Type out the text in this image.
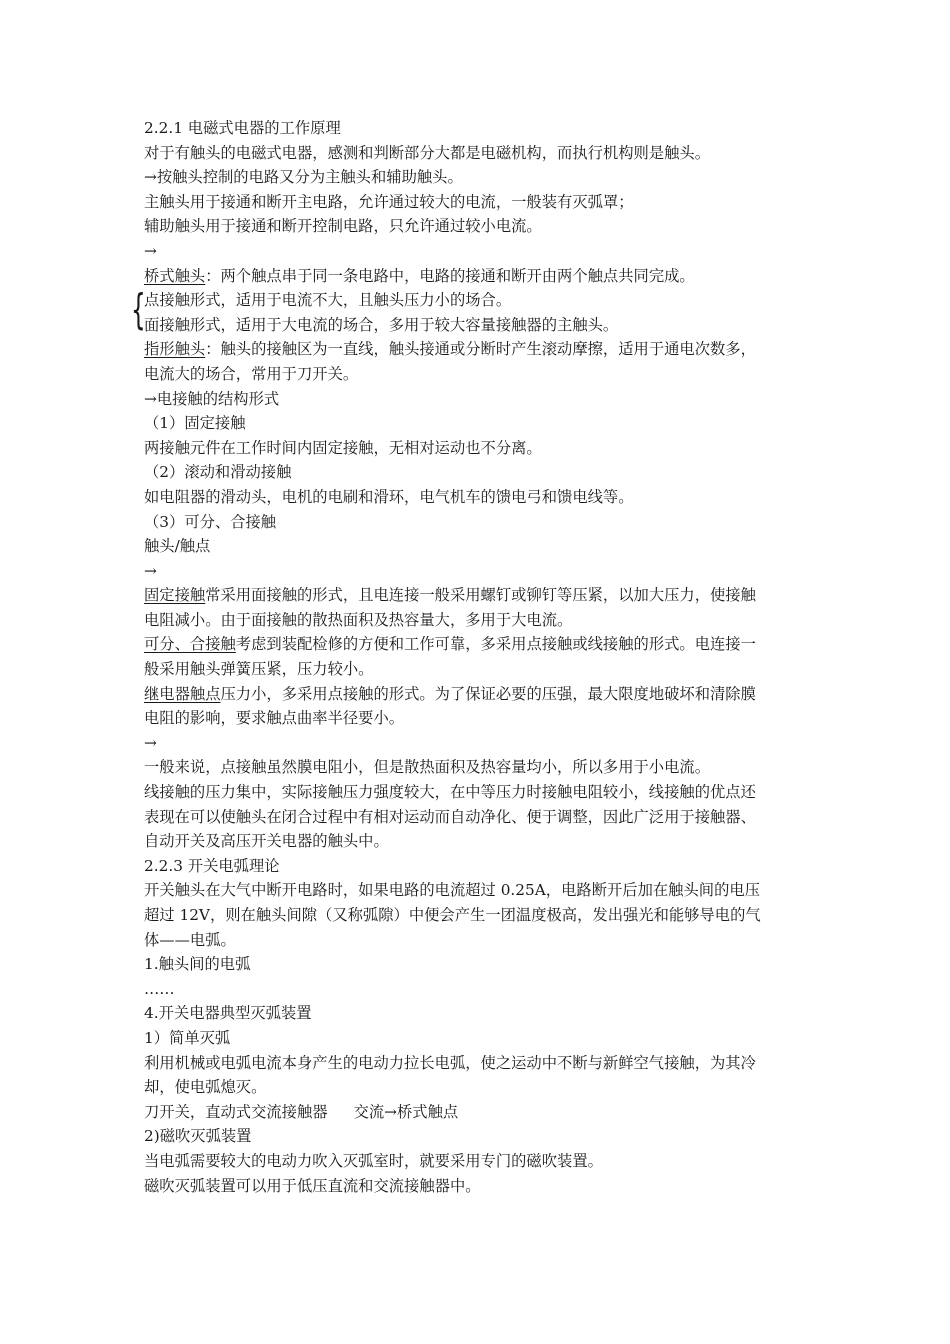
2.2.1 电磁式电器的工作原理
对于有触头的电磁式电器，感测和判断部分大都是电磁机构，而执行机构则是触头。
→按触头控制的电路又分为主触头和辅助触头。
主触头用于接通和断开主电路，允许通过较大的电流，一般装有灭弧罩；
辅助触头用于接通和断开控制电路，只允许通过较小电流。
→
桥式触头：两个触点串于同一条电路中，电路的接通和断开由两个触点共同完成。
{
点接触形式，适用于电流不大，且触头压力小的场合。
面接触形式，适用于大电流的场合，多用于较大容量接触器的主触头。
指形触头：触头的接触区为一直线，触头接通或分断时产生滚动摩擦，适用于通电次数多，
电流大的场合，常用于刀开关。
→电接触的结构形式
（1）固定接触
两接触元件在工作时间内固定接触，无相对运动也不分离。
（2）滚动和滑动接触
如电阻器的滑动头，电机的电刷和滑环，电气机车的馈电弓和馈电线等。
（3）可分、合接触
触头/触点
→
固定接触常采用面接触的形式，且电连接一般采用螺钉或铆钉等压紧，以加大压力，使接触
电阻减小。由于面接触的散热面积及热容量大，多用于大电流。
可分、合接触考虑到装配检修的方便和工作可靠，多采用点接触或线接触的形式。电连接一
般采用触头弹簧压紧，压力较小。
继电器触点压力小，多采用点接触的形式。为了保证必要的压强，最大限度地破坏和清除膜
电阻的影响，要求触点曲率半径要小。
→
一般来说，点接触虽然膜电阻小，但是散热面积及热容量均小，所以多用于小电流。
线接触的压力集中，实际接触压力强度较大，在中等压力时接触电阻较小，线接触的优点还
表现在可以使触头在闭合过程中有相对运动而自动净化、便于调整，因此广泛用于接触器、
自动开关及高压开关电器的触头中。
2.2.3 开关电弧理论
开关触头在大气中断开电路时，如果电路的电流超过 0.25A，电路断开后加在触头间的电压
超过 12V，则在触头间隙（又称弧隙）中便会产生一团温度极高，发出强光和能够导电的气
体——电弧。
1.触头间的电弧
……
4.开关电器典型灭弧装置
1）简单灭弧
利用机械或电弧电流本身产生的电动力拉长电弧，使之运动中不断与新鲜空气接触，为其冷
却，使电弧熄灭。
刀开关，直动式交流接触器 交流→桥式触点
2)磁吹灭弧装置
当电弧需要较大的电动力吹入灭弧室时，就要采用专门的磁吹装置。
磁吹灭弧装置可以用于低压直流和交流接触器中。
